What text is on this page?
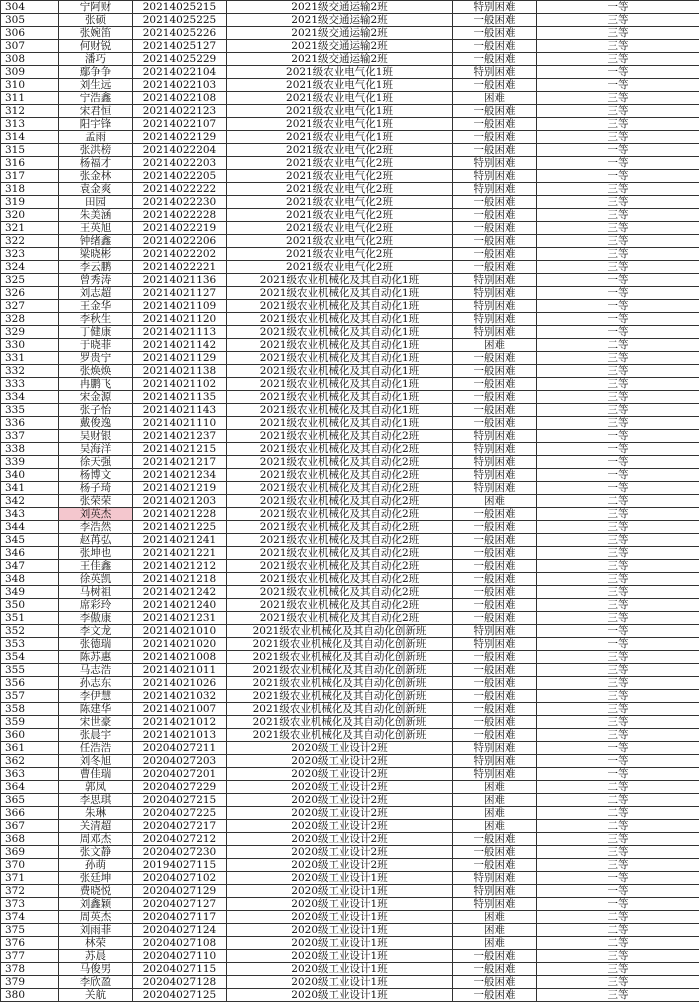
304	宁阿财	20214025215	2021级交通运输2班	特别困难	一等
305	张硕	20214025225	2021级交通运输2班	一般困难	三等
306	张婉笛	20214025226	2021级交通运输2班	一般困难	三等
307	何财锐	20214025127	2021级交通运输2班	一般困难	三等
308	潘巧	20214025229	2021级交通运输2班	一般困难	三等
309	鄢争争	20214022104	2021级农业电气化1班	特别困难	一等
310	刘生远	20214022103	2021级农业电气化1班	一般困难	一等
311	宁浩鑫	20214022108	2021级农业电气化1班	困难	三等
312	宋君恒	20214022123	2021级农业电气化1班	一般困难	三等
313	阳宇锋	20214022107	2021级农业电气化1班	一般困难	三等
314	孟雨	20214022129	2021级农业电气化1班	一般困难	三等
315	张洪榜	20214022204	2021级农业电气化2班	一般困难	一等
316	杨福才	20214022203	2021级农业电气化2班	特别困难	一等
317	张金林	20214022205	2021级农业电气化2班	特别困难	一等
318	袁金爽	20214022222	2021级农业电气化2班	特别困难	三等
319	田园	20214022230	2021级农业电气化2班	一般困难	三等
320	朱美涵	20214022228	2021级农业电气化2班	一般困难	三等
321	王英旭	20214022219	2021级农业电气化2班	一般困难	三等
322	钟绪鑫	20214022206	2021级农业电气化2班	一般困难	三等
323	梁晓彬	20214022202	2021级农业电气化2班	一般困难	三等
324	李云鹏	20214022221	2021级农业电气化2班	一般困难	三等
325	曾秀涛	20214021136	2021级农业机械化及其自动化1班	特别困难	一等
326	刘志超	20214021127	2021级农业机械化及其自动化1班	特别困难	一等
327	王金华	20214021109	2021级农业机械化及其自动化1班	特别困难	一等
328	李秋生	20214021120	2021级农业机械化及其自动化1班	特别困难	一等
329	丁健康	20214021113	2021级农业机械化及其自动化1班	特别困难	一等
330	于晓菲	20214021142	2021级农业机械化及其自动化1班	困难	二等
331	罗贵宁	20214021129	2021级农业机械化及其自动化1班	一般困难	三等
332	张焕焕	20214021138	2021级农业机械化及其自动化1班	一般困难	三等
333	冉鹏飞	20214021102	2021级农业机械化及其自动化1班	一般困难	三等
334	宋金源	20214021135	2021级农业机械化及其自动化1班	一般困难	三等
335	张子怡	20214021143	2021级农业机械化及其自动化1班	一般困难	三等
336	戴俊逸	20214021110	2021级农业机械化及其自动化1班	一般困难	三等
337	吴财银	20214021237	2021级农业机械化及其自动化2班	特别困难	一等
338	吴海洋	20214021215	2021级农业机械化及其自动化2班	特别困难	一等
339	徐天强	20214021217	2021级农业机械化及其自动化2班	特别困难	一等
340	杨博文	20214021234	2021级农业机械化及其自动化2班	特别困难	一等
341	杨子琦	20214021219	2021级农业机械化及其自动化2班	特别困难	一等
342	张荣荣	20214021203	2021级农业机械化及其自动化2班	困难	二等
343	刘英杰	20214021228	2021级农业机械化及其自动化2班	一般困难	三等
344	李浩然	20214021225	2021级农业机械化及其自动化2班	一般困难	三等
345	赵苒弘	20214021241	2021级农业机械化及其自动化2班	一般困难	三等
346	张坤也	20214021221	2021级农业机械化及其自动化2班	一般困难	三等
347	王佳鑫	20214021212	2021级农业机械化及其自动化2班	一般困难	三等
348	徐英凯	20214021218	2021级农业机械化及其自动化2班	一般困难	三等
349	马树祖	20214021242	2021级农业机械化及其自动化2班	一般困难	三等
350	席彩玲	20214021240	2021级农业机械化及其自动化2班	一般困难	三等
351	李傲康	20214021231	2021级农业机械化及其自动化2班	一般困难	三等
352	李文龙	20214021010	2021级农业机械化及其自动化创新班	特别困难	一等
353	张德瑞	20214021020	2021级农业机械化及其自动化创新班	特别困难	一等
354	陈苏惠	20214021008	2021级农业机械化及其自动化创新班	一般困难	三等
355	马志浩	20214021011	2021级农业机械化及其自动化创新班	一般困难	三等
356	孙志东	20214021026	2021级农业机械化及其自动化创新班	一般困难	三等
357	李伊慧	20214021032	2021级农业机械化及其自动化创新班	一般困难	三等
358	陈建华	20214021007	2021级农业机械化及其自动化创新班	一般困难	三等
359	宋世豪	20214021012	2021级农业机械化及其自动化创新班	一般困难	三等
360	张晨宇	20214021013	2021级农业机械化及其自动化创新班	一般困难	三等
361	任浩浩	20204027211	2020级工业设计2班	特别困难	一等
362	刘冬旭	20204027203	2020级工业设计2班	特别困难	一等
363	曹佳瑞	20204027201	2020级工业设计2班	特别困难	一等
364	郭凤	20204027229	2020级工业设计2班	困难	二等
365	李思琪	20204027215	2020级工业设计2班	困难	二等
366	朱琳	20204027225	2020级工业设计2班	困难	二等
367	关清超	20204027217	2020级工业设计2班	困难	二等
368	周邓杰	20204027212	2020级工业设计2班	一般困难	三等
369	张文静	20204027230	2020级工业设计2班	一般困难	三等
370	孙萌	20194027115	2020级工业设计2班	一般困难	三等
371	张廷坤	20204027102	2020级工业设计1班	特别困难	一等
372	费晓悦	20204027129	2020级工业设计1班	特别困难	一等
373	刘鑫颖	20204027127	2020级工业设计1班	特别困难	一等
374	周英杰	20204027117	2020级工业设计1班	困难	二等
375	刘雨菲	20204027124	2020级工业设计1班	困难	二等
376	林荣	20204027108	2020级工业设计1班	困难	二等
377	苏晨	20204027110	2020级工业设计1班	一般困难	三等
378	马俊男	20204027115	2020级工业设计1班	一般困难	三等
379	李欣盈	20204027128	2020级工业设计1班	一般困难	三等
380	关航	20204027125	2020级工业设计1班	一般困难	三等
